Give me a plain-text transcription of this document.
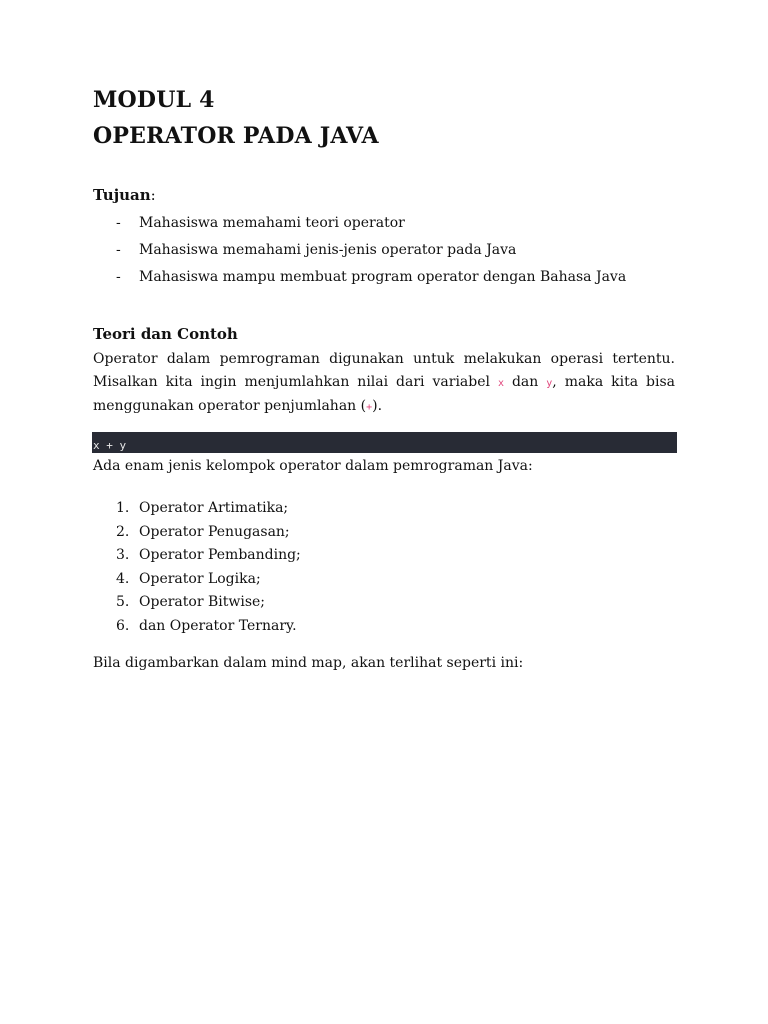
MODUL 4
OPERATOR PADA JAVA

Tujuan:

- Mahasiswa memahami teori operator
- Mahasiswa memahami jenis-jenis operator pada Java
- Mahasiswa mampu membuat program operator dengan Bahasa Java
Teori dan Contoh

Operator dalam pemrograman digunakan untuk melakukan operasi tertentu.
Misalkan kita ingin menjumlahkan nilai dari variabel x dan y, maka kita bisa
menggunakan operator penjumlahan (+).

x + y

Ada enam jenis kelompok operator dalam pemrograman Java:

1. Operator Artimatika;
2. Operator Penugasan;
3. Operator Pembanding;
4. Operator Logika;
5. Operator Bitwise;
6. dan Operator Ternary.

Bila digambarkan dalam mind map, akan terlihat seperti ini:
